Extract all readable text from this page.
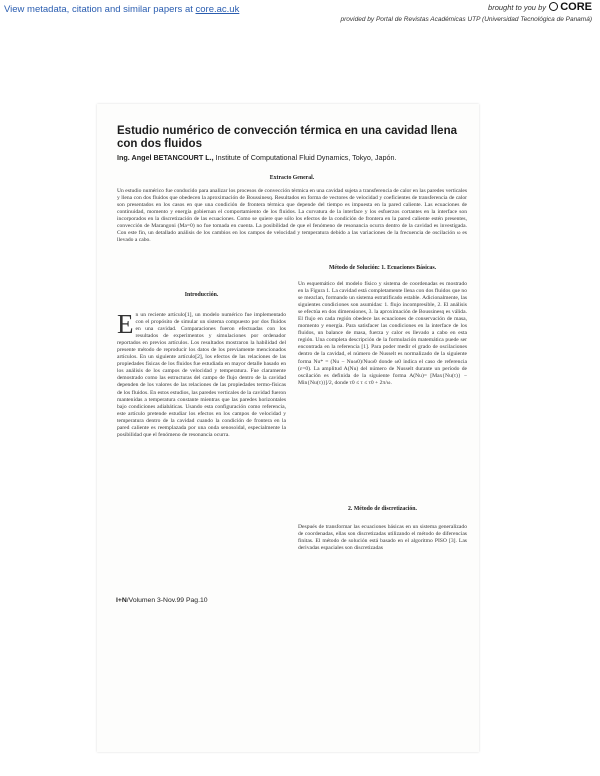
View metadata, citation and similar papers at core.ac.uk	brought to you by	CORE
provided by Portal de Revistas Académicas UTP (Universidad Tecnológica de Panamá)
Estudio numérico de convección térmica en una cavidad llena con dos fluidos
Ing. Angel BETANCOURT L., Institute of Computational Fluid Dynamics, Tokyo, Japón.
Extracto General.
Un estudio numérico fue conducido para analizar los procesos de convección térmica en una cavidad sujeta a transferencia de calor en las paredes verticales y llena con dos fluidos que obedecen la aproximación de Boussinesq. Resultados en forma de vectores de velocidad y coeficientes de transferencia de calor son presentados en los casos en que una condición de frontera térmica que depende del tiempo es impuesta en la pared caliente. Las ecuaciones de continuidad, momento y energía gobiernan el comportamiento de los fluidos. La curvatura de la interface y los esfuerzos cortantes en la interface son incorporados en la discretización de las ecuaciones. Como se quiere que sólo los efectos de la condición de frontera en la pared caliente estén presentes, convección de Marangoni (Ma=0) no fue tomada en cuenta. La posibilidad de que el fenómeno de resonancia ocurra dentro de la cavidad es investigada. Con este fin, un detallado análisis de los cambios en los campos de velocidad y temperatura debido a las variaciones de la frecuencia de oscilación ω es llevado a cabo.
Introducción.
En un reciente artículo[1], un modelo numérico fue implementado con el propósito de simular un sistema compuesto por dos fluidos en una cavidad. Comparaciones fueron efectuadas con los resultados de experimentos y simulaciones por ordenador reportados en previos artículos. Los resultados mostraron la habilidad del presente método de reproducir los datos de los previamente mencionados artículos. En un siguiente artículo[2], los efectos de las relaciones de las propiedades físicas de los fluidos fue estudiada en mayor detalle basado en los análisis de los campos de velocidad y temperatura. Fue claramente demostrado como las estructuras del campo de flujo dentro de la cavidad dependen de los valores de las relaciones de las propiedades termo-físicas de los fluidos. En estos estudios, las paredes verticales de la cavidad fueron mantenidas a temperatura constante mientras que las paredes horizontales bajo condiciones adiabáticas. Usando esta configuración como referencia, este artículo pretende estudiar los efectos en los campos de velocidad y temperatura dentro de la cavidad cuando la condición de frontera en la pared caliente es reemplazada por una onda senosoidal, especialmente la posibilidad que el fenómeno de resonancia ocurra.
Método de Solución: 1. Ecuaciones Básicas.
Un esquemático del modelo físico y sistema de coordenadas es mostrado en la Figura 1. La cavidad está completamente llena con dos fluidos que no se mezclan, formando un sistema estratificado estable. Adicionalmente, las siguientes condiciones son asumidas: 1. flujo incompresible, 2. El análisis se efectúa en dos dimensiones, 3. la aproximación de Boussinesq es válida. El flujo en cada región obedece las ecuaciones de conservación de masa, momento y energía. Para satisfacer las condiciones en la interface de los fluidos, un balance de masa, fuerza y calor es llevado a cabo en esta región. Una completa descripción de la formulación matemática puede ser encontrada en la referencia [1]. Para poder medir el grado de oscilaciones dentro de la cavidad, el número de Nusselt es normalizado de la siguiente forma Nu* = (Nu − Nuω0)/Nuω0 donde ω0 indica el caso de referencia (ε=0). La amplitud A(Nu) del número de Nusselt durante un período de oscilación es definida de la siguiente forma A(Nu)= [Max{Nu(τ)} − Min{Nu(τ)}]/2, donde τ0 ≤ τ ≤ τ0 + 2π/ω.
2. Método de discretización.
Después de transformar las ecuaciones básicas en un sistema generalizado de coordenadas, ellas son discretizadas utilizando el método de diferencias finitas. El método de solución está basado en el algoritmo PISO [3]. Las derivadas espaciales son discretizadas
I+N/Volumen 3-Nov.99 Pag.10
